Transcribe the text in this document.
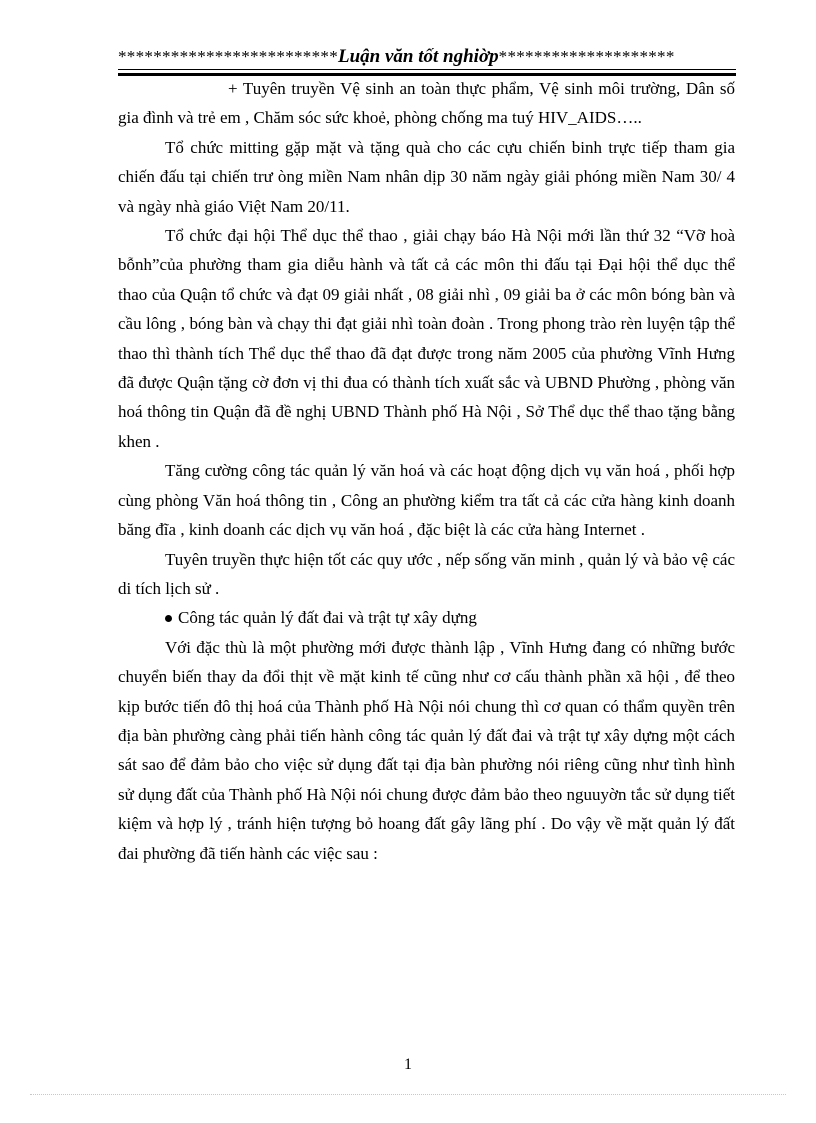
*************************Luận văn tốt nghiờp********************

+ Tuyên truyền Vệ sinh an toàn thực phẩm, Vệ sinh môi trường, Dân số gia đình và trẻ em , Chăm sóc sức khoẻ, phòng chống ma tuý HIV_AIDS…..

Tổ chức mitting gặp mặt và tặng quà cho các cựu chiến binh trực tiếp tham gia chiến đấu tại chiến trư òng miền Nam nhân dịp 30 năm ngày giải phóng miền Nam 30/ 4 và ngày nhà giáo Việt Nam 20/11.

Tổ chức đại hội Thể dục thể thao , giải chạy báo Hà Nội mới lần thứ 32 “Vỡ hoà bỗnh”của phường tham gia diễu hành và tất cả các môn thi đấu tại Đại hội thể dục thể thao của Quận tổ chức và đạt 09 giải nhất , 08 giải nhì , 09 giải ba ở các môn bóng bàn và cầu lông , bóng bàn và chạy thi đạt giải nhì toàn đoàn . Trong phong trào rèn luyện tập thể thao thì thành tích Thể dục thể thao đã đạt được trong năm 2005 của phường Vĩnh Hưng đã được Quận tặng cờ đơn vị thi đua có thành tích xuất sắc và UBND Phường , phòng văn hoá thông tin Quận đã đề nghị UBND Thành phố Hà Nội , Sở Thể dục thể thao tặng bằng khen .

Tăng cường công tác quản lý văn hoá và các hoạt động dịch vụ văn hoá , phối hợp cùng phòng Văn hoá thông tin , Công an phường kiểm tra tất cả các cửa hàng kinh doanh băng đĩa , kinh doanh các dịch vụ văn hoá , đặc biệt là các cửa hàng Internet .

Tuyên truyền thực hiện tốt các quy ước , nếp sống văn minh , quản lý và bảo vệ các di tích lịch sử .

Công tác quản lý đất đai và trật tự xây dựng

Với đặc thù là một phường mới được thành lập , Vĩnh Hưng đang có những bước chuyển biến thay da đổi thịt về mặt kinh tế cũng như cơ cấu thành phần xã hội , để theo kịp bước tiến đô thị hoá của Thành phố Hà Nội nói chung thì cơ quan có thẩm quyền trên địa bàn phường càng phải tiến hành công tác quản lý đất đai và trật tự xây dựng một cách sát sao để đảm bảo cho việc sử dụng đất tại địa bàn phường nói riêng cũng như tình hình sử dụng đất của Thành phố Hà Nội nói chung được đảm bảo theo nguuyờn tắc sử dụng tiết kiệm và hợp lý , tránh hiện tượng bỏ hoang đất gây lãng phí . Do vậy về mặt quản lý đất đai phường đã tiến hành các việc sau :

1
